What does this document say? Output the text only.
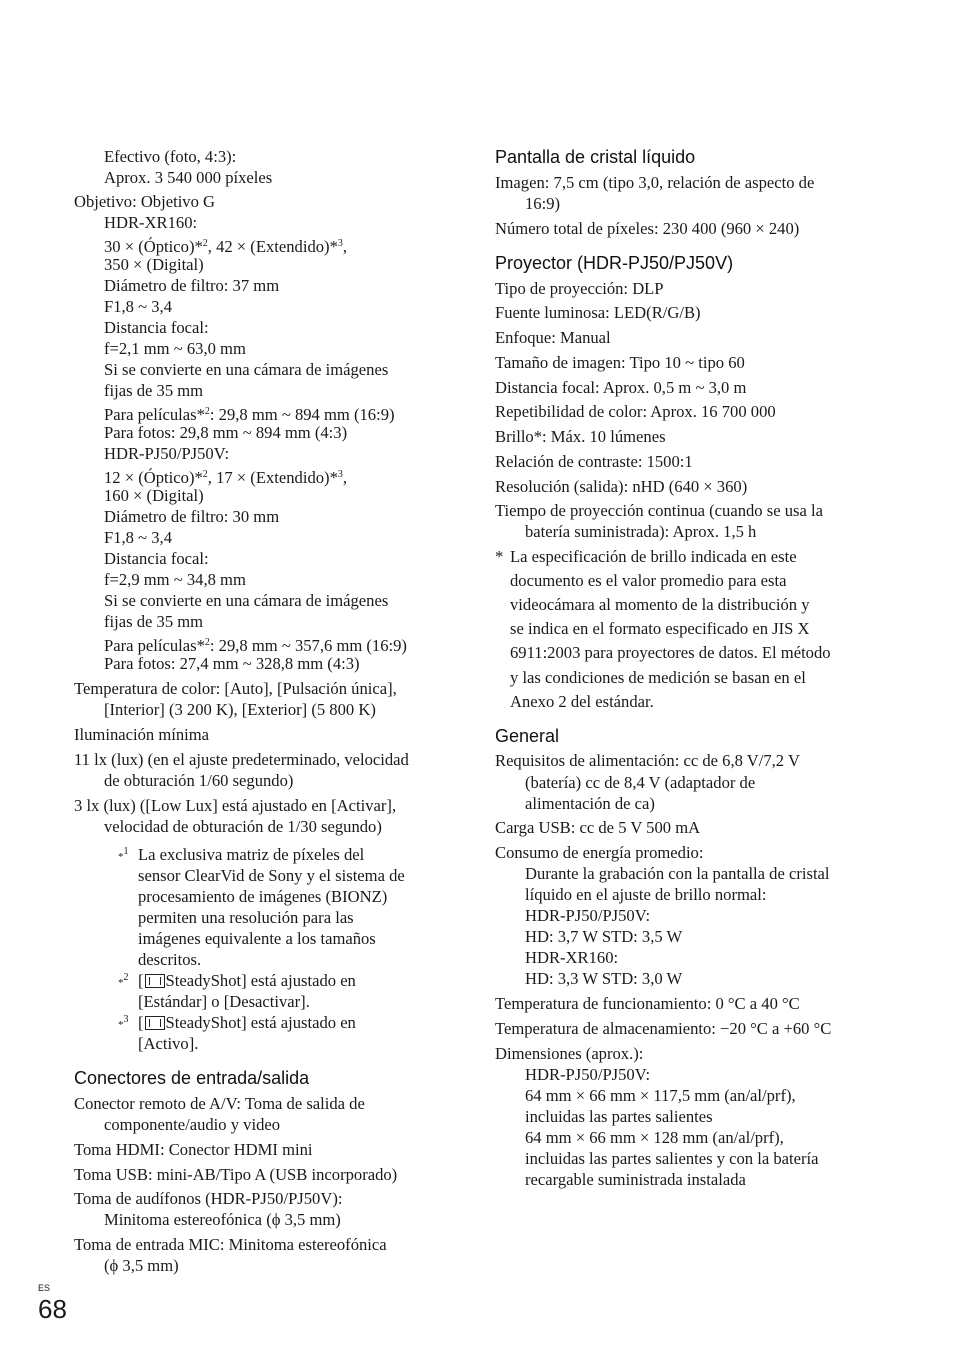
Efectivo (foto, 4:3):
Aprox. 3 540 000 píxeles
Objetivo: Objetivo G
HDR-XR160:
30 × (Óptico)*$^2$, 42 × (Extendido)*$^3$,
350 × (Digital)
Diámetro de filtro: 37 mm
F1,8 ~ 3,4
Distancia focal:
f=2,1 mm ~ 63,0 mm
Si se convierte en una cámara de imágenes
fijas de 35 mm
Para películas*$^2$: 29,8 mm ~ 894 mm (16:9)
Para fotos: 29,8 mm ~ 894 mm (4:3)
HDR-PJ50/PJ50V:
12 × (Óptico)*$^2$, 17 × (Extendido)*$^3$,
160 × (Digital)
Diámetro de filtro: 30 mm
F1,8 ~ 3,4
Distancia focal:
f=2,9 mm ~ 34,8 mm
Si se convierte en una cámara de imágenes
fijas de 35 mm
Para películas*$^2$: 29,8 mm ~ 357,6 mm (16:9)
Para fotos: 27,4 mm ~ 328,8 mm (4:3)
Temperatura de color: [Auto], [Pulsación única],
[Interior] (3 200 K), [Exterior] (5 800 K)
Iluminación mínima
11 lx (lux) (en el ajuste predeterminado, velocidad
de obturación 1/60 segundo)
3 lx (lux) ([Low Lux] está ajustado en [Activar],
velocidad de obturación de 1/30 segundo)
*1 La exclusiva matriz de píxeles del
sensor ClearVid de Sony y el sistema de
procesamiento de imágenes (BIONZ)
permiten una resolución para las
imágenes equivalente a los tamaños
descritos.
*2 [ SteadyShot] está ajustado en
[Estándar] o [Desactivar].
*3 [ SteadyShot] está ajustado en
[Activo].
Conectores de entrada/salida
Conector remoto de A/V: Toma de salida de
componente/audio y video
Toma HDMI: Conector HDMI mini
Toma USB: mini-AB/Tipo A (USB incorporado)
Toma de audífonos (HDR-PJ50/PJ50V):
Minitoma estereofónica (ϕ 3,5 mm)
Toma de entrada MIC: Minitoma estereofónica
(ϕ 3,5 mm)
Pantalla de cristal líquido
Imagen: 7,5 cm (tipo 3,0, relación de aspecto de
16:9)
Número total de píxeles: 230 400 (960 × 240)
Proyector (HDR-PJ50/PJ50V)
Tipo de proyección: DLP
Fuente luminosa: LED(R/G/B)
Enfoque: Manual
Tamaño de imagen: Tipo 10 ~ tipo 60
Distancia focal: Aprox. 0,5 m ~ 3,0 m
Repetibilidad de color: Aprox. 16 700 000
Brillo*: Máx. 10 lúmenes
Relación de contraste: 1500:1
Resolución (salida): nHD (640 × 360)
Tiempo de proyección continua (cuando se usa la
batería suministrada): Aprox. 1,5 h
* La especificación de brillo indicada en este
documento es el valor promedio para esta
videocámara al momento de la distribución y
se indica en el formato especificado en JIS X
6911:2003 para proyectores de datos. El método
y las condiciones de medición se basan en el
Anexo 2 del estándar.
General
Requisitos de alimentación: cc de 6,8 V/7,2 V
(batería) cc de 8,4 V (adaptador de
alimentación de ca)
Carga USB: cc de 5 V 500 mA
Consumo de energía promedio:
Durante la grabación con la pantalla de cristal
líquido en el ajuste de brillo normal:
HDR-PJ50/PJ50V:
HD: 3,7 W STD: 3,5 W
HDR-XR160:
HD: 3,3 W STD: 3,0 W
Temperatura de funcionamiento: 0 °C a 40 °C
Temperatura de almacenamiento: −20 °C a +60 °C
Dimensiones (aprox.):
HDR-PJ50/PJ50V:
64 mm × 66 mm × 117,5 mm (an/al/prf),
incluidas las partes salientes
64 mm × 66 mm × 128 mm (an/al/prf),
incluidas las partes salientes y con la batería
recargable suministrada instalada
ES
68
